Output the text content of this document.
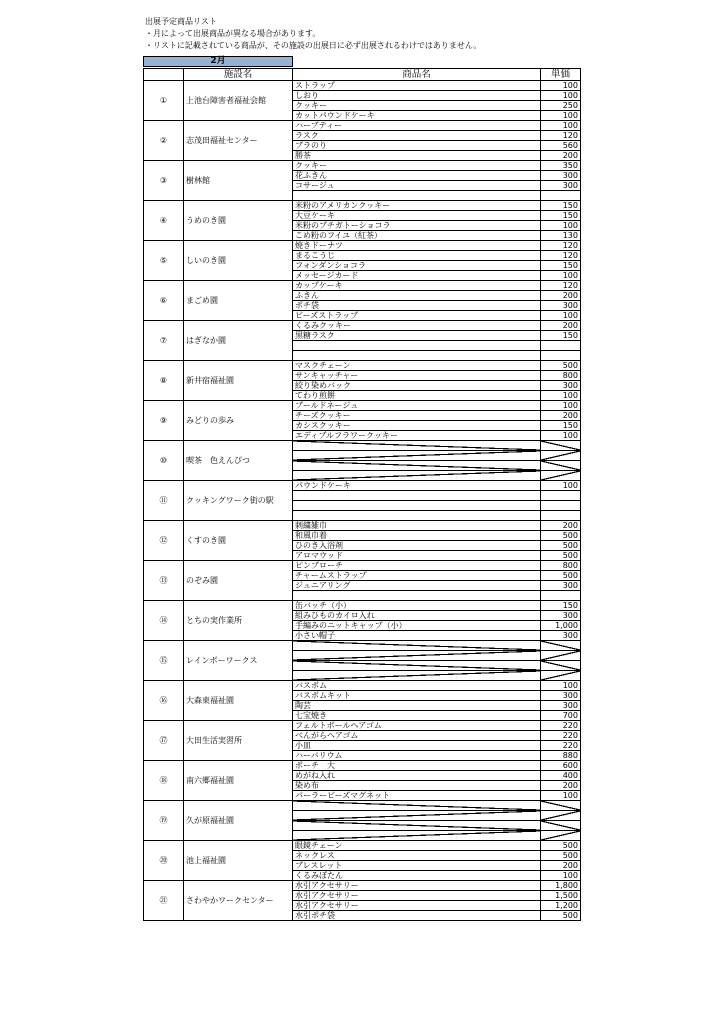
出展予定商品リスト
・月によって出展商品が異なる場合があります。
・リストに記載されている商品が、その施設の出展日に必ず出展されるわけではありません。
2月
	施設名	商品名	単価
①	上池台障害者福祉会館	ストラップ	100
		しおり	100
		クッキー	250
		カットパウンドケーキ	100
②	志茂田福祉センター	ハーブティー	100
		ラスク	120
		ブラのり	560
		勝茶	200
③	樹林館	クッキー	350
		花ふきん	300
		コサージュ	300

④	うめのき園	米粉のアメリカンクッキー	150
		大豆ケーキ	150
		米粉のプチガトーショコラ	100
		こめ粉のフイユ（紅茶）	130
⑤	しいのき園	焼きドーナツ	120
		まるこうじ	120
		フォンダンショコラ	150
		メッセージカード	100
⑥	まごめ園	カップケーキ	120
		ふきん	200
		ポチ袋	300
		ビーズストラップ	100
⑦	はぎなか園	くるみクッキー	200
		黒糖ラスク	150

⑧	新井宿福祉園	マスクチェーン	500
		サンキャッチャー	800
		絞り染めバック	300
		てわり煎餅	100
⑨	みどりの歩み	ブールドネージュ	100
		チーズクッキー	200
		カシスクッキー	150
		エディブルフラワークッキー	100
⑩	喫茶　色えんぴつ		

⑪	クッキングワーク街の駅	パウンドケーキ	100

⑫	くすのき園	刺繍雑巾	200
		和風巾着	500
		ひのき入浴剤	500
		アロマウッド	500
⑬	のぞみ園	ピンブローチ	800
		チャームストラップ	500
		ジュニアリング	300

⑭	とちの実作業所	缶バッチ（小）	150
		組みひものカイロ入れ	300
		手編みのニットキャップ（小）	1,000
		小さい帽子	300
⑮	レインボーワークス		

⑯	大森東福祉園	バスボム	100
		バスボムキット	300
		陶芸	300
		七宝焼き	700
⑰	大田生活実習所	フェルトボールヘアゴム	220
		べんがらヘアゴム	220
		小皿	220
		ハーバリウム	880
⑱	南六郷福祉園	ポーチ　大	600
		めがね入れ	400
		染め布	200
		パーラービーズマグネット	100
⑲	久が原福祉園		

⑳	池上福祉園	眼鏡チェーン	500
		ネックレス	500
		ブレスレット	200
		くるみぼたん	100
㉑	さわやかワークセンター	水引アクセサリー	1,800
		水引アクセサリー	1,500
		水引アクセサリー	1,200
		水引ポチ袋	500
